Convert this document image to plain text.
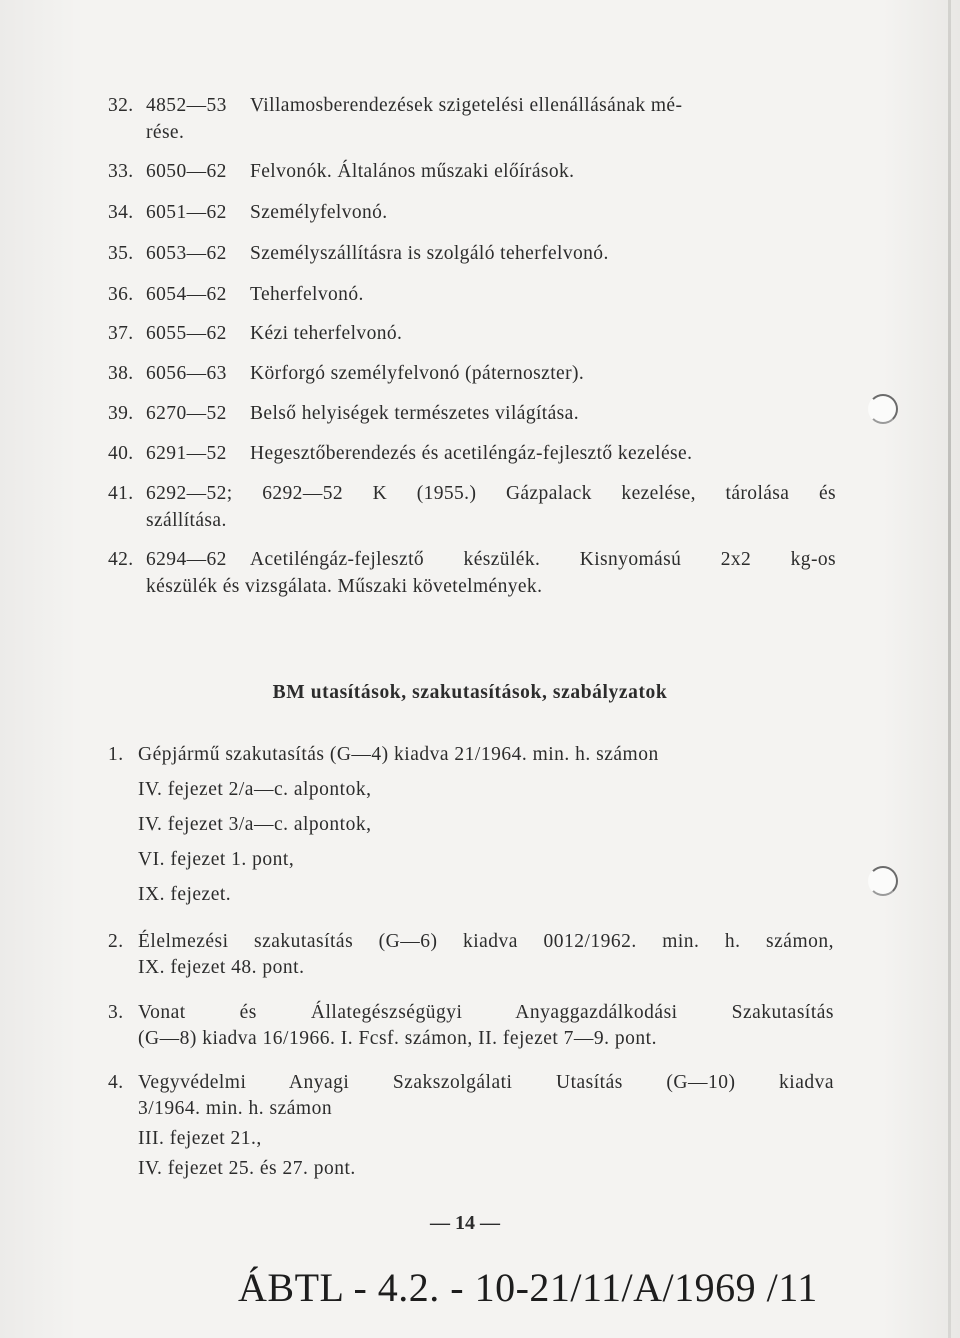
32. 4852—53 Villamosberendezések szigetelési ellenállásának mé-
rése.
33. 6050—62 Felvonók. Általános műszaki előírások.
34. 6051—62 Személyfelvonó.
35. 6053—62 Személyszállításra is szolgáló teherfelvonó.
36. 6054—62 Teherfelvonó.
37. 6055—62 Kézi teherfelvonó.
38. 6056—63 Körforgó személyfelvonó (páternoszter).
39. 6270—52 Belső helyiségek természetes világítása.
40. 6291—52 Hegesztőberendezés és acetiléngáz-fejlesztő kezelése.
41. 6292—52; 6292—52 K (1955.) Gázpalack kezelése, tárolása és
szállítása.
42. 6294—62 Acetiléngáz-fejlesztő készülék. Kisnyomású 2x2 kg-os
készülék és vizsgálata. Műszaki követelmények.
BM utasítások, szakutasítások, szabályzatok
1. Gépjármű szakutasítás (G—4) kiadva 21/1964. min. h. számon
IV. fejezet 2/a—c. alpontok,
IV. fejezet 3/a—c. alpontok,
VI. fejezet 1. pont,
IX. fejezet.
2. Élelmezési szakutasítás (G—6) kiadva 0012/1962. min. h. számon,
IX. fejezet 48. pont.
3. Vonat és Állategészségügyi Anyaggazdálkodási Szakutasítás
(G—8) kiadva 16/1966. I. Fcsf. számon, II. fejezet 7—9. pont.
4. Vegyvédelmi Anyagi Szakszolgálati Utasítás (G—10) kiadva
3/1964. min. h. számon
III. fejezet 21.,
IV. fejezet 25. és 27. pont.
— 14 —
ÁBTL - 4.2. - 10-21/11/A/1969 /11
